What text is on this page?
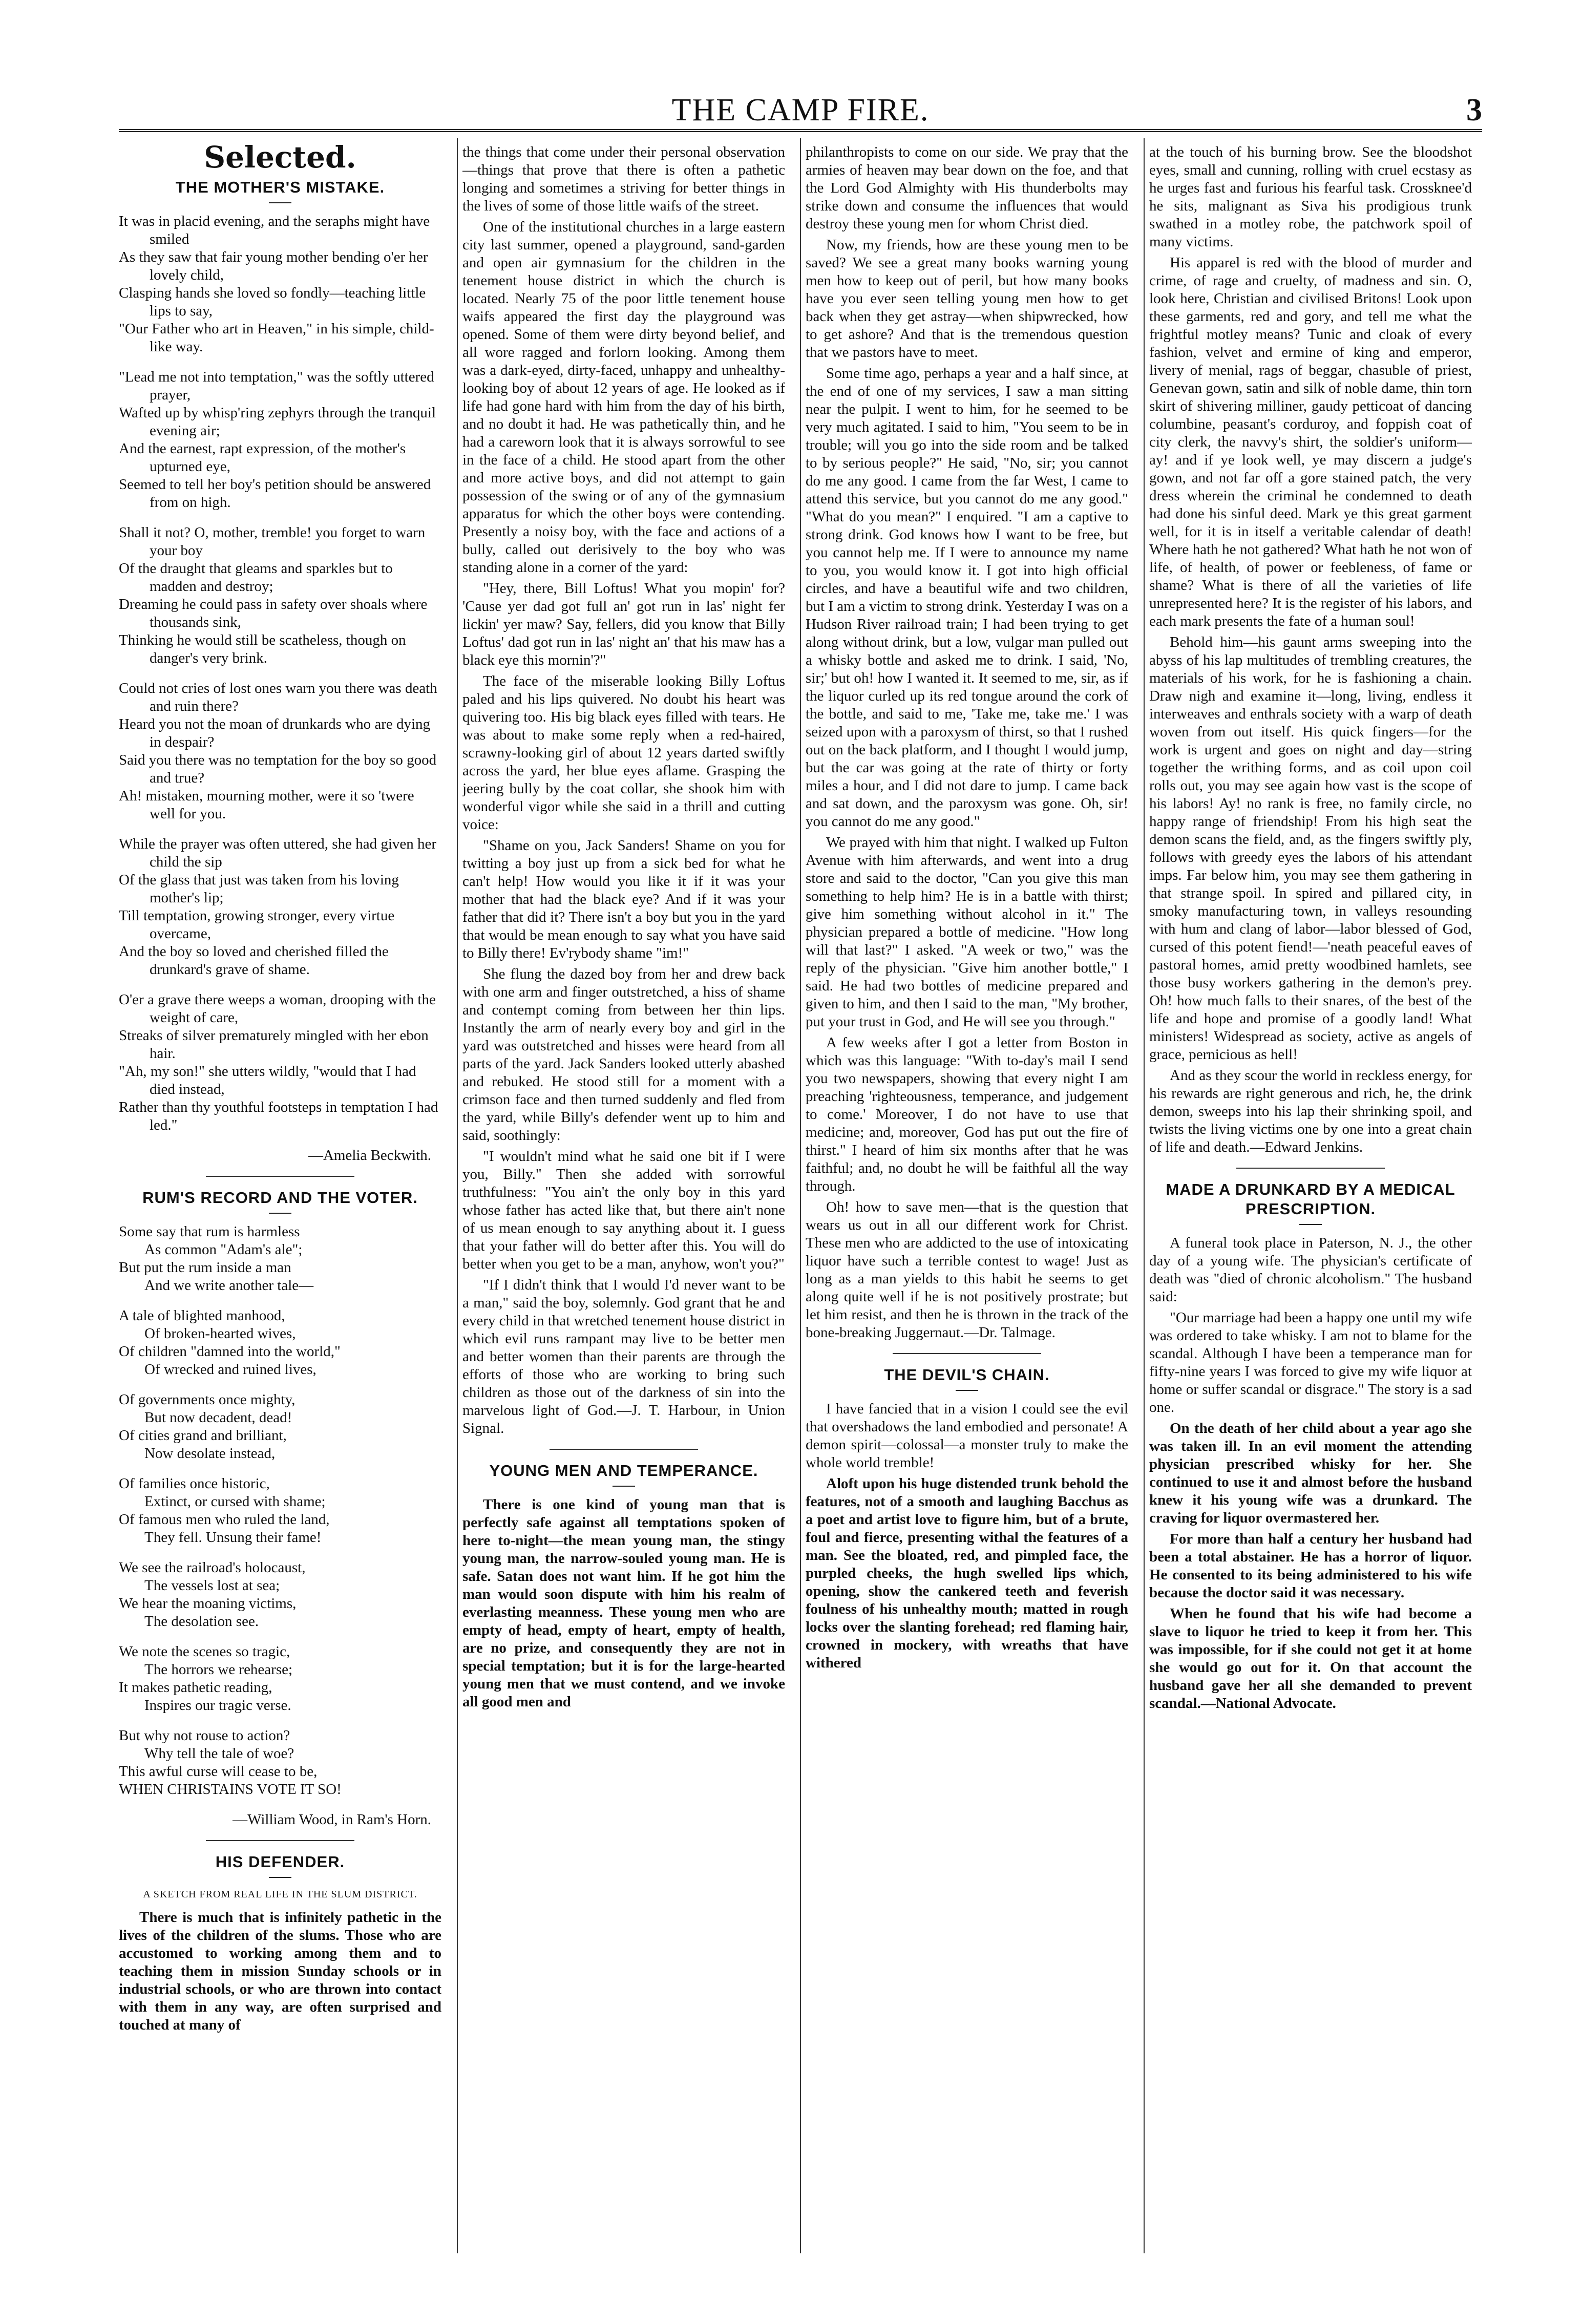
THE CAMP FIRE.	3
Selected.
THE MOTHER'S MISTAKE.
It was in placid evening, and the seraphs might have smiled
As they saw that fair young mother bending o'er her lovely child,
Clasping hands she loved so fondly—teaching little lips to say,
"Our Father who art in Heaven," in his simple, child-like way.
"Lead me not into temptation," was the softly uttered prayer,
Wafted up by whisp'ring zephyrs through the tranquil evening air;
And the earnest, rapt expression, of the mother's upturned eye,
Seemed to tell her boy's petition should be answered from on high.
Shall it not? O, mother, tremble! you forget to warn your boy
Of the draught that gleams and sparkles but to madden and destroy;
Dreaming he could pass in safety over shoals where thousands sink,
Thinking he would still be scatheless, though on danger's very brink.
Could not cries of lost ones warn you there was death and ruin there?
Heard you not the moan of drunkards who are dying in despair?
Said you there was no temptation for the boy so good and true?
Ah! mistaken, mourning mother, were it so 'twere well for you.
While the prayer was often uttered, she had given her child the sip
Of the glass that just was taken from his loving mother's lip;
Till temptation, growing stronger, every virtue overcame,
And the boy so loved and cherished filled the drunkard's grave of shame.
O'er a grave there weeps a woman, drooping with the weight of care,
Streaks of silver prematurely mingled with her ebon hair.
"Ah, my son!" she utters wildly, "would that I had died instead,
Rather than thy youthful footsteps in temptation I had led."
—Amelia Beckwith.
RUM'S RECORD AND THE VOTER.
Some say that rum is harmless
As common "Adam's ale";
But put the rum inside a man
And we write another tale—
A tale of blighted manhood,
Of broken-hearted wives,
Of children "damned into the world,"
Of wrecked and ruined lives,
Of governments once mighty,
But now decadent, dead!
Of cities grand and brilliant,
Now desolate instead,
Of families once historic,
Extinct, or cursed with shame;
Of famous men who ruled the land,
They fell. Unsung their fame!
We see the railroad's holocaust,
The vessels lost at sea;
We hear the moaning victims,
The desolation see.
We note the scenes so tragic,
The horrors we rehearse;
It makes pathetic reading,
Inspires our tragic verse.
But why not rouse to action?
Why tell the tale of woe?
This awful curse will cease to be,
WHEN CHRISTAINS VOTE IT SO!
—William Wood, in Ram's Horn.
HIS DEFENDER.
A SKETCH FROM REAL LIFE IN THE SLUM DISTRICT.

There is much that is infinitely pathetic in the lives of the children of the slums. Those who are accustomed to working among them and to teaching them in mission Sunday schools or in industrial schools, or who are thrown into contact with them in any way, are often surprised and touched at many of

the things that come under their personal observation—things that prove that there is often a pathetic longing and sometimes a striving for better things in the lives of some of those little waifs of the street.

One of the institutional churches in a large eastern city last summer, opened a playground, sand-garden and open air gymnasium for the children in the tenement house district in which the church is located. Nearly 75 of the poor little tenement house waifs appeared the first day the playground was opened. Some of them were dirty beyond belief, and all wore ragged and forlorn looking. Among them was a dark-eyed, dirty-faced, unhappy and unhealthy-looking boy of about 12 years of age. He looked as if life had gone hard with him from the day of his birth, and no doubt it had. He was pathetically thin, and he had a careworn look that it is always sorrowful to see in the face of a child. He stood apart from the other and more active boys, and did not attempt to gain possession of the swing or of any of the gymnasium apparatus for which the other boys were contending. Presently a noisy boy, with the face and actions of a bully, called out derisively to the boy who was standing alone in a corner of the yard:

"Hey, there, Bill Loftus! What you mopin' for? 'Cause yer dad got full an' got run in las' night fer lickin' yer maw? Say, fellers, did you know that Billy Loftus' dad got run in las' night an' that his maw has a black eye this mornin'?"

The face of the miserable looking Billy Loftus paled and his lips quivered. No doubt his heart was quivering too. His big black eyes filled with tears. He was about to make some reply when a red-haired, scrawny-looking girl of about 12 years darted swiftly across the yard, her blue eyes aflame. Grasping the jeering bully by the coat collar, she shook him with wonderful vigor while she said in a thrill and cutting voice:

"Shame on you, Jack Sanders! Shame on you for twitting a boy just up from a sick bed for what he can't help! How would you like it if it was your mother that had the black eye? And if it was your father that did it? There isn't a boy but you in the yard that would be mean enough to say what you have said to Billy there! Ev'rybody shame "im!"

She flung the dazed boy from her and drew back with one arm and finger outstretched, a hiss of shame and contempt coming from between her thin lips. Instantly the arm of nearly every boy and girl in the yard was outstretched and hisses were heard from all parts of the yard. Jack Sanders looked utterly abashed and rebuked. He stood still for a moment with a crimson face and then turned suddenly and fled from the yard, while Billy's defender went up to him and said, soothingly:

"I wouldn't mind what he said one bit if I were you, Billy." Then she added with sorrowful truthfulness: "You ain't the only boy in this yard whose father has acted like that, but there ain't none of us mean enough to say anything about it. I guess that your father will do better after this. You will do better when you get to be a man, anyhow, won't you?"

"If I didn't think that I would I'd never want to be a man," said the boy, solemnly. God grant that he and every child in that wretched tenement house district in which evil runs rampant may live to be better men and better women than their parents are through the efforts of those who are working to bring such children as those out of the darkness of sin into the marvelous light of God.—J. T. Harbour, in Union Signal.

YOUNG MEN AND TEMPERANCE.

There is one kind of young man that is perfectly safe against all temptations spoken of here to-night—the mean young man, the stingy young man, the narrow-souled young man. He is safe. Satan does not want him. If he got him the man would soon dispute with him his realm of everlasting meanness. These young men who are empty of head, empty of heart, empty of health, are no prize, and consequently they are not in special temptation; but it is for the large-hearted young men that we must contend, and we invoke all good men and

philanthropists to come on our side. We pray that the armies of heaven may bear down on the foe, and that the Lord God Almighty with His thunderbolts may strike down and consume the influences that would destroy these young men for whom Christ died.

Now, my friends, how are these young men to be saved? We see a great many books warning young men how to keep out of peril, but how many books have you ever seen telling young men how to get back when they get astray—when shipwrecked, how to get ashore? And that is the tremendous question that we pastors have to meet.

Some time ago, perhaps a year and a half since, at the end of one of my services, I saw a man sitting near the pulpit. I went to him, for he seemed to be very much agitated. I said to him, "You seem to be in trouble; will you go into the side room and be talked to by serious people?" He said, "No, sir; you cannot do me any good. I came from the far West, I came to attend this service, but you cannot do me any good." "What do you mean?" I enquired. "I am a captive to strong drink. God knows how I want to be free, but you cannot help me. If I were to announce my name to you, you would know it. I got into high official circles, and have a beautiful wife and two children, but I am a victim to strong drink. Yesterday I was on a Hudson River railroad train; I had been trying to get along without drink, but a low, vulgar man pulled out a whisky bottle and asked me to drink. I said, 'No, sir;' but oh! how I wanted it. It seemed to me, sir, as if the liquor curled up its red tongue around the cork of the bottle, and said to me, 'Take me, take me.' I was seized upon with a paroxysm of thirst, so that I rushed out on the back platform, and I thought I would jump, but the car was going at the rate of thirty or forty miles a hour, and I did not dare to jump. I came back and sat down, and the paroxysm was gone. Oh, sir! you cannot do me any good."

We prayed with him that night. I walked up Fulton Avenue with him afterwards, and went into a drug store and said to the doctor, "Can you give this man something to help him? He is in a battle with thirst; give him something without alcohol in it." The physician prepared a bottle of medicine. "How long will that last?" I asked. "A week or two," was the reply of the physician. "Give him another bottle," I said. He had two bottles of medicine prepared and given to him, and then I said to the man, "My brother, put your trust in God, and He will see you through."

A few weeks after I got a letter from Boston in which was this language: "With to-day's mail I send you two newspapers, showing that every night I am preaching 'righteousness, temperance, and judgement to come.' Moreover, I do not have to use that medicine; and, moreover, God has put out the fire of thirst." I heard of him six months after that he was faithful; and, no doubt he will be faithful all the way through.

Oh! how to save men—that is the question that wears us out in all our different work for Christ. These men who are addicted to the use of intoxicating liquor have such a terrible contest to wage! Just as long as a man yields to this habit he seems to get along quite well if he is not positively prostrate; but let him resist, and then he is thrown in the track of the bone-breaking Juggernaut.—Dr. Talmage.

THE DEVIL'S CHAIN.

I have fancied that in a vision I could see the evil that overshadows the land embodied and personate! A demon spirit—colossal—a monster truly to make the whole world tremble!

Aloft upon his huge distended trunk behold the features, not of a smooth and laughing Bacchus as a poet and artist love to figure him, but of a brute, foul and fierce, presenting withal the features of a man. See the bloated, red, and pimpled face, the purpled cheeks, the hugh swelled lips which, opening, show the cankered teeth and feverish foulness of his unhealthy mouth; matted in rough locks over the slanting forehead; red flaming hair, crowned in mockery, with wreaths that have withered

at the touch of his burning brow. See the bloodshot eyes, small and cunning, rolling with cruel ecstasy as he urges fast and furious his fearful task. Crossknee'd he sits, malignant as Siva his prodigious trunk swathed in a motley robe, the patchwork spoil of many victims.

His apparel is red with the blood of murder and crime, of rage and cruelty, of madness and sin. O, look here, Christian and civilised Britons! Look upon these garments, red and gory, and tell me what the frightful motley means? Tunic and cloak of every fashion, velvet and ermine of king and emperor, livery of menial, rags of beggar, chasuble of priest, Genevan gown, satin and silk of noble dame, thin torn skirt of shivering milliner, gaudy petticoat of dancing columbine, peasant's corduroy, and foppish coat of city clerk, the navvy's shirt, the soldier's uniform—ay! and if ye look well, ye may discern a judge's gown, and not far off a gore stained patch, the very dress wherein the criminal he condemned to death had done his sinful deed. Mark ye this great garment well, for it is in itself a veritable calendar of death! Where hath he not gathered? What hath he not won of life, of health, of power or feebleness, of fame or shame? What is there of all the varieties of life unrepresented here? It is the register of his labors, and each mark presents the fate of a human soul!

Behold him—his gaunt arms sweeping into the abyss of his lap multitudes of trembling creatures, the materials of his work, for he is fashioning a chain. Draw nigh and examine it—long, living, endless it interweaves and enthrals society with a warp of death woven from out itself. His quick fingers—for the work is urgent and goes on night and day—string together the writhing forms, and as coil upon coil rolls out, you may see again how vast is the scope of his labors! Ay! no rank is free, no family circle, no happy range of friendship! From his high seat the demon scans the field, and, as the fingers swiftly ply, follows with greedy eyes the labors of his attendant imps. Far below him, you may see them gathering in that strange spoil. In spired and pillared city, in smoky manufacturing town, in valleys resounding with hum and clang of labor—labor blessed of God, cursed of this potent fiend!—'neath peaceful eaves of pastoral homes, amid pretty woodbined hamlets, see those busy workers gathering in the demon's prey. Oh! how much falls to their snares, of the best of the life and hope and promise of a goodly land! What ministers! Widespread as society, active as angels of grace, pernicious as hell!

And as they scour the world in reckless energy, for his rewards are right generous and rich, he, the drink demon, sweeps into his lap their shrinking spoil, and twists the living victims one by one into a great chain of life and death.—Edward Jenkins.

MADE A DRUNKARD BY A MEDICAL PRESCRIPTION.

A funeral took place in Paterson, N. J., the other day of a young wife. The physician's certificate of death was "died of chronic alcoholism." The husband said:

"Our marriage had been a happy one until my wife was ordered to take whisky. I am not to blame for the scandal. Although I have been a temperance man for fifty-nine years I was forced to give my wife liquor at home or suffer scandal or disgrace." The story is a sad one.

On the death of her child about a year ago she was taken ill. In an evil moment the attending physician prescribed whisky for her. She continued to use it and almost before the husband knew it his young wife was a drunkard. The craving for liquor overmastered her.

For more than half a century her husband had been a total abstainer. He has a horror of liquor. He consented to its being administered to his wife because the doctor said it was necessary.

When he found that his wife had become a slave to liquor he tried to keep it from her. This was impossible, for if she could not get it at home she would go out for it. On that account the husband gave her all she demanded to prevent scandal.—National Advocate.
